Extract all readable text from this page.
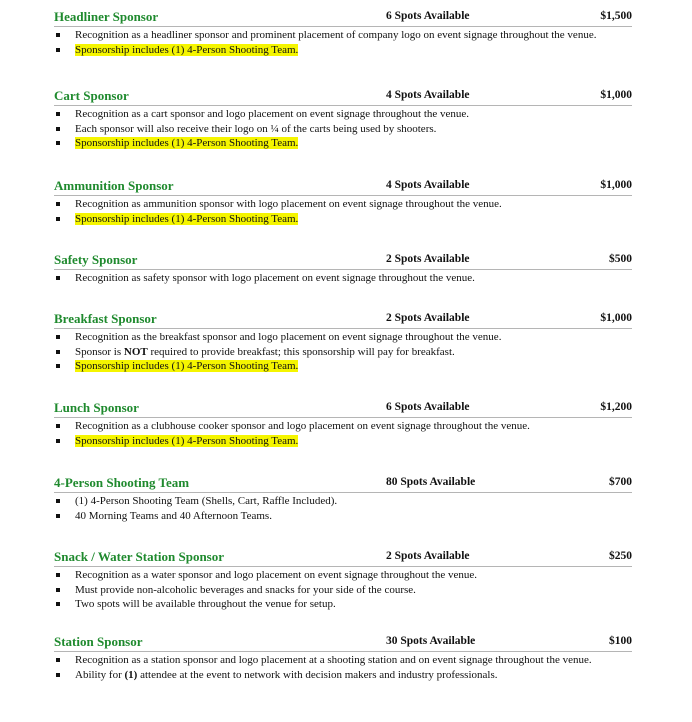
Headliner Sponsor	6 Spots Available	$1,500
Recognition as a headliner sponsor and prominent placement of company logo on event signage throughout the venue.
Sponsorship includes (1) 4-Person Shooting Team.
Cart Sponsor	4 Spots Available	$1,000
Recognition as a cart sponsor and logo placement on event signage throughout the venue.
Each sponsor will also receive their logo on ¼ of the carts being used by shooters.
Sponsorship includes (1) 4-Person Shooting Team.
Ammunition Sponsor	4 Spots Available	$1,000
Recognition as ammunition sponsor with logo placement on event signage throughout the venue.
Sponsorship includes (1) 4-Person Shooting Team.
Safety Sponsor	2 Spots Available	$500
Recognition as safety sponsor with logo placement on event signage throughout the venue.
Breakfast Sponsor	2 Spots Available	$1,000
Recognition as the breakfast sponsor and logo placement on event signage throughout the venue.
Sponsor is NOT required to provide breakfast; this sponsorship will pay for breakfast.
Sponsorship includes (1) 4-Person Shooting Team.
Lunch Sponsor	6 Spots Available	$1,200
Recognition as a clubhouse cooker sponsor and logo placement on event signage throughout the venue.
Sponsorship includes (1) 4-Person Shooting Team.
4-Person Shooting Team	80 Spots Available	$700
(1) 4-Person Shooting Team (Shells, Cart, Raffle Included).
40 Morning Teams and 40 Afternoon Teams.
Snack / Water Station Sponsor	2 Spots Available	$250
Recognition as a water sponsor and logo placement on event signage throughout the venue.
Must provide non-alcoholic beverages and snacks for your side of the course.
Two spots will be available throughout the venue for setup.
Station Sponsor	30 Spots Available	$100
Recognition as a station sponsor and logo placement at a shooting station and on event signage throughout the venue.
Ability for (1) attendee at the event to network with decision makers and industry professionals.
